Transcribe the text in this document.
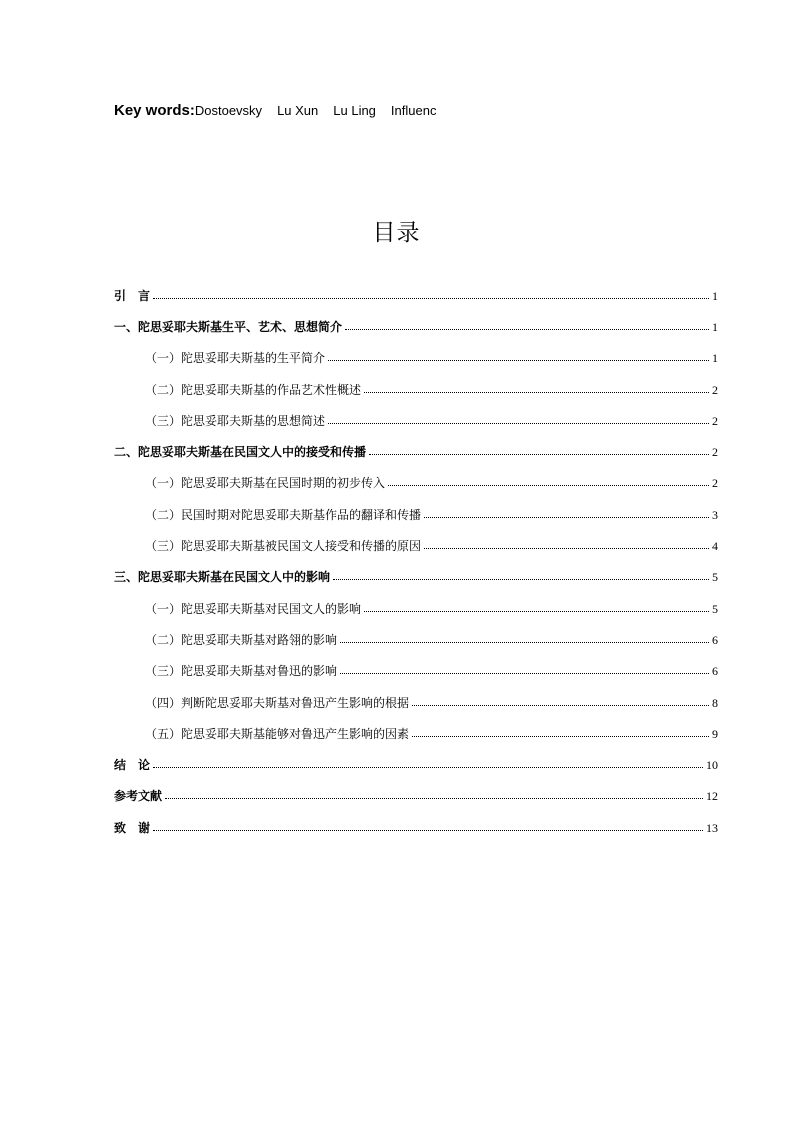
Key words:Dostoevsky Lu Xun Lu Ling Influenc
目录
引　言	1
一、陀思妥耶夫斯基生平、艺术、思想简介	1
（一）陀思妥耶夫斯基的生平简介	1
（二）陀思妥耶夫斯基的作品艺术性概述	2
（三）陀思妥耶夫斯基的思想简述	2
二、陀思妥耶夫斯基在民国文人中的接受和传播	2
（一）陀思妥耶夫斯基在民国时期的初步传入	2
（二）民国时期对陀思妥耶夫斯基作品的翻译和传播	3
（三）陀思妥耶夫斯基被民国文人接受和传播的原因	4
三、陀思妥耶夫斯基在民国文人中的影响	5
（一）陀思妥耶夫斯基对民国文人的影响	5
（二）陀思妥耶夫斯基对路翎的影响	6
（三）陀思妥耶夫斯基对鲁迅的影响	6
（四）判断陀思妥耶夫斯基对鲁迅产生影响的根据	8
（五）陀思妥耶夫斯基能够对鲁迅产生影响的因素	9
结　论	10
参考文献	12
致　谢	13
